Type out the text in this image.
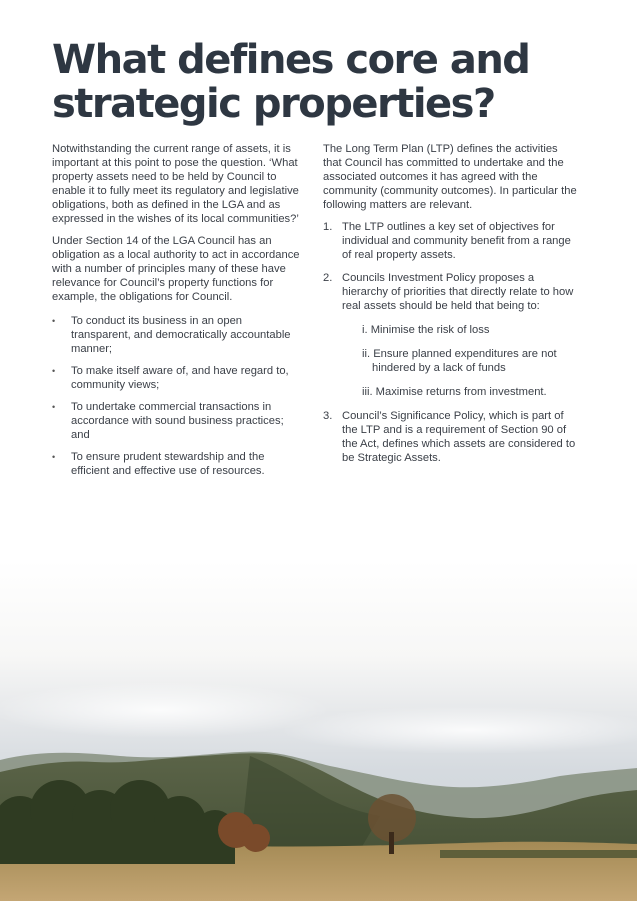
What defines core and strategic properties?

Notwithstanding the current range of assets, it is important at this point to pose the question. ‘What property assets need to be held by Council to enable it to fully meet its regulatory and legislative obligations, both as defined in the LGA and as expressed in the wishes of its local communities?’

Under Section 14 of the LGA Council has an obligation as a local authority to act in accordance with a number of principles many of these have relevance for Council’s property functions for example, the obligations for Council.

• To conduct its business in an open transparent, and democratically accountable manner;
• To make itself aware of, and have regard to, community views;
• To undertake commercial transactions in accordance with sound business practices; and
• To ensure prudent stewardship and the efficient and effective use of resources.

The Long Term Plan (LTP) defines the activities that Council has committed to undertake and the associated outcomes it has agreed with the community (community outcomes). In particular the following matters are relevant.

1. The LTP outlines a key set of objectives for individual and community benefit from a range of real property assets.
2. Councils Investment Policy proposes a hierarchy of priorities that directly relate to how real assets should be held that being to:
i. Minimise the risk of loss
ii. Ensure planned expenditures are not hindered by a lack of funds
iii. Maximise returns from investment.
3. Council’s Significance Policy, which is part of the LTP and is a requirement of Section 90 of the Act, defines which assets are considered to be Strategic Assets.
